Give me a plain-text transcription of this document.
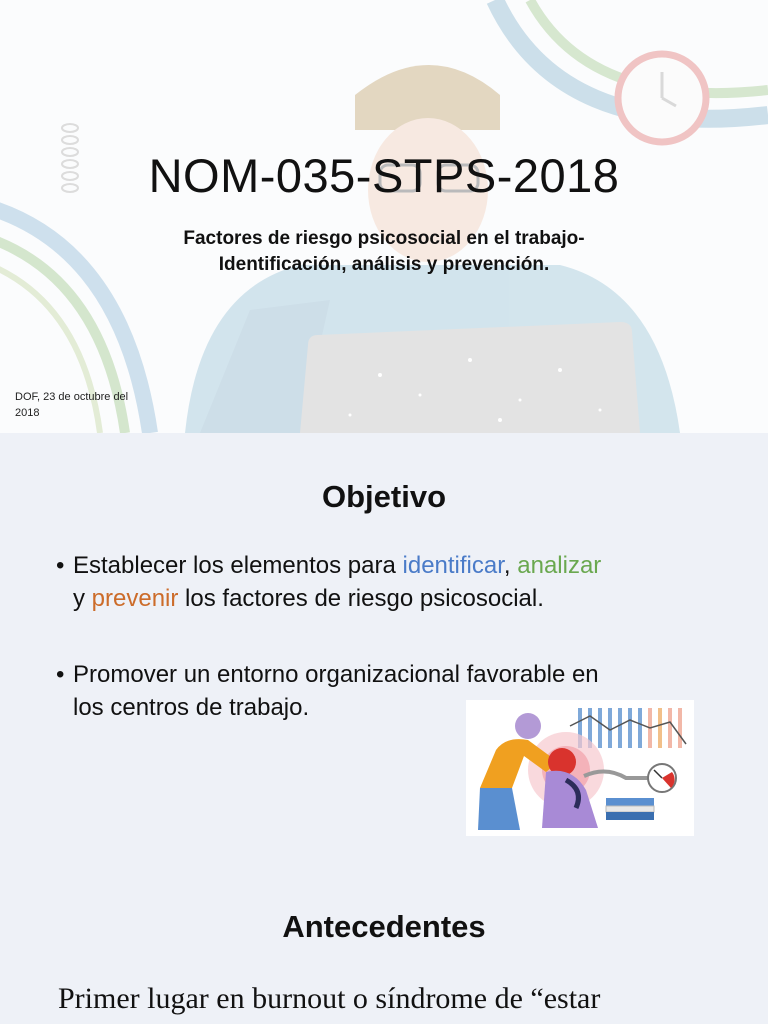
NOM-035-STPS-2018
Factores de riesgo psicosocial en el trabajo-
Identificación, análisis y prevención.
DOF, 23 de octubre del
2018
Objetivo
• Establecer los elementos para identificar, analizar
y prevenir los factores de riesgo psicosocial.
• Promover un entorno organizacional favorable en
los centros de trabajo.
Antecedentes
Primer lugar en burnout o síndrome de “estar
